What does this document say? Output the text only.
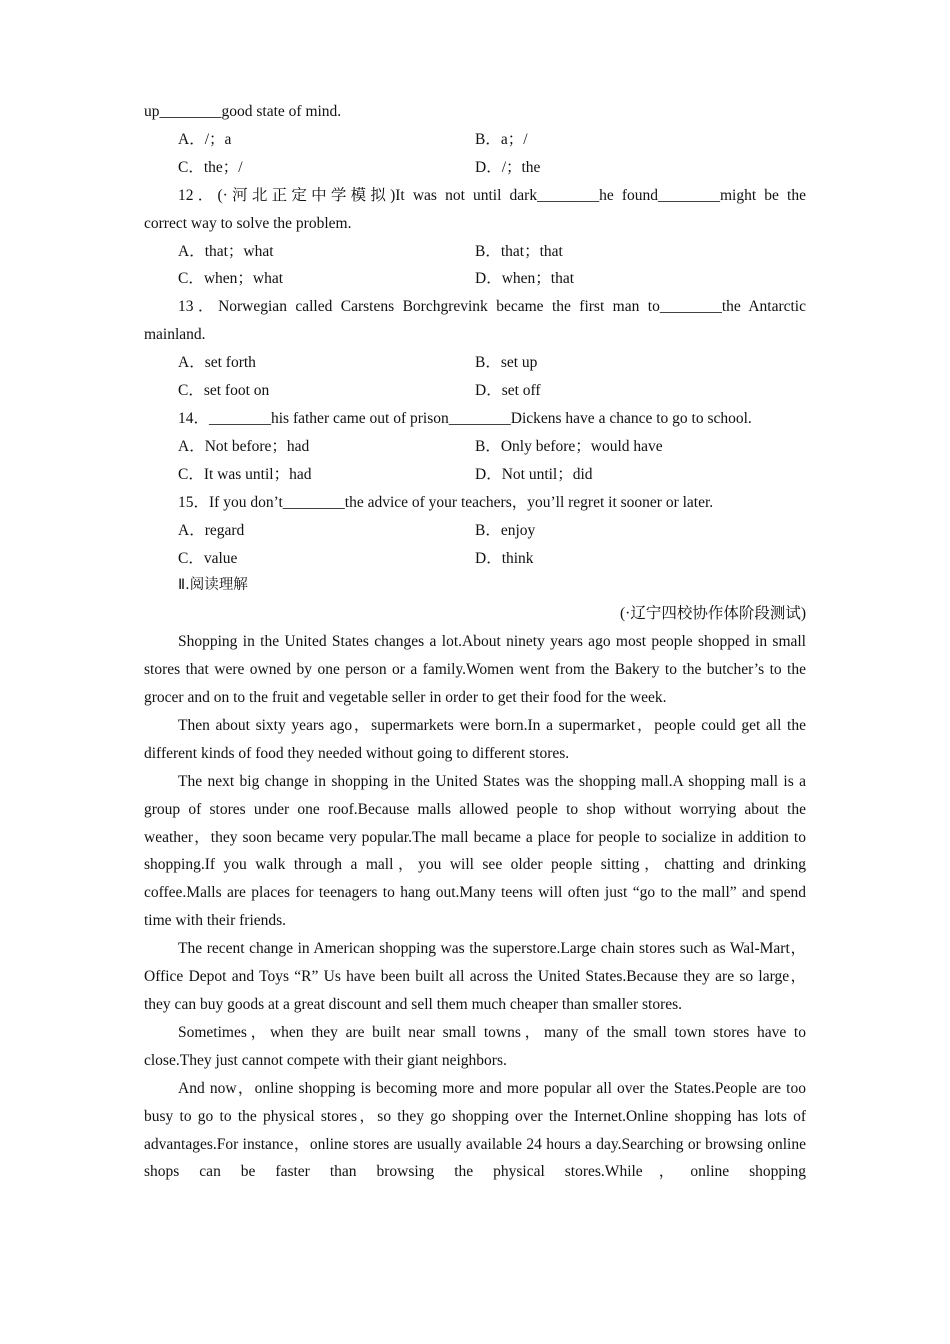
up________good state of mind.
A．/；a	B．a；/
C．the；/	D．/；the
12．(·河北正定中学模拟)It was not until dark________he found________might be the
correct way to solve the problem.
A．that；what	B．that；that
C．when；what	D．when；that
13．Norwegian called Carstens Borchgrevink became the first man to________the Antarctic
mainland.
A．set forth	B．set up
C．set foot on	D．set off
14．________his father came out of prison________Dickens have a chance to go to school.
A．Not before；had	B．Only before；would have
C．It was until；had	D．Not until；did
15．If you don’t________the advice of your teachers，you’ll regret it sooner or later.
A．regard	B．enjoy
C．value	D．think
Ⅱ.阅读理解
(·辽宁四校协作体阶段测试)

Shopping in the United States changes a lot.About ninety years ago most people shopped in small stores that were owned by one person or a family.Women went from the Bakery to the butcher’s to the grocer and on to the fruit and vegetable seller in order to get their food for the week.

Then about sixty years ago，supermarkets were born.In a supermarket，people could get all the different kinds of food they needed without going to different stores.

The next big change in shopping in the United States was the shopping mall.A shopping mall is a group of stores under one roof.Because malls allowed people to shop without worrying about the weather，they soon became very popular.The mall became a place for people to socialize in addition to shopping.If you walk through a mall，you will see older people sitting，chatting and drinking coffee.Malls are places for teenagers to hang out.Many teens will often just “go to the mall” and spend time with their friends.

The recent change in American shopping was the superstore.Large chain stores such as Wal-Mart，Office Depot and Toys “R” Us have been built all across the United States.Because they are so large，they can buy goods at a great discount and sell them much cheaper than smaller stores.

Sometimes，when they are built near small towns，many of the small town stores have to close.They just cannot compete with their giant neighbors.

And now，online shopping is becoming more and more popular all over the States.People are too busy to go to the physical stores，so they go shopping over the Internet.Online shopping has lots of advantages.For instance，online stores are usually available 24 hours a day.Searching or browsing online shops can be faster than browsing the physical stores.While，online shopping
